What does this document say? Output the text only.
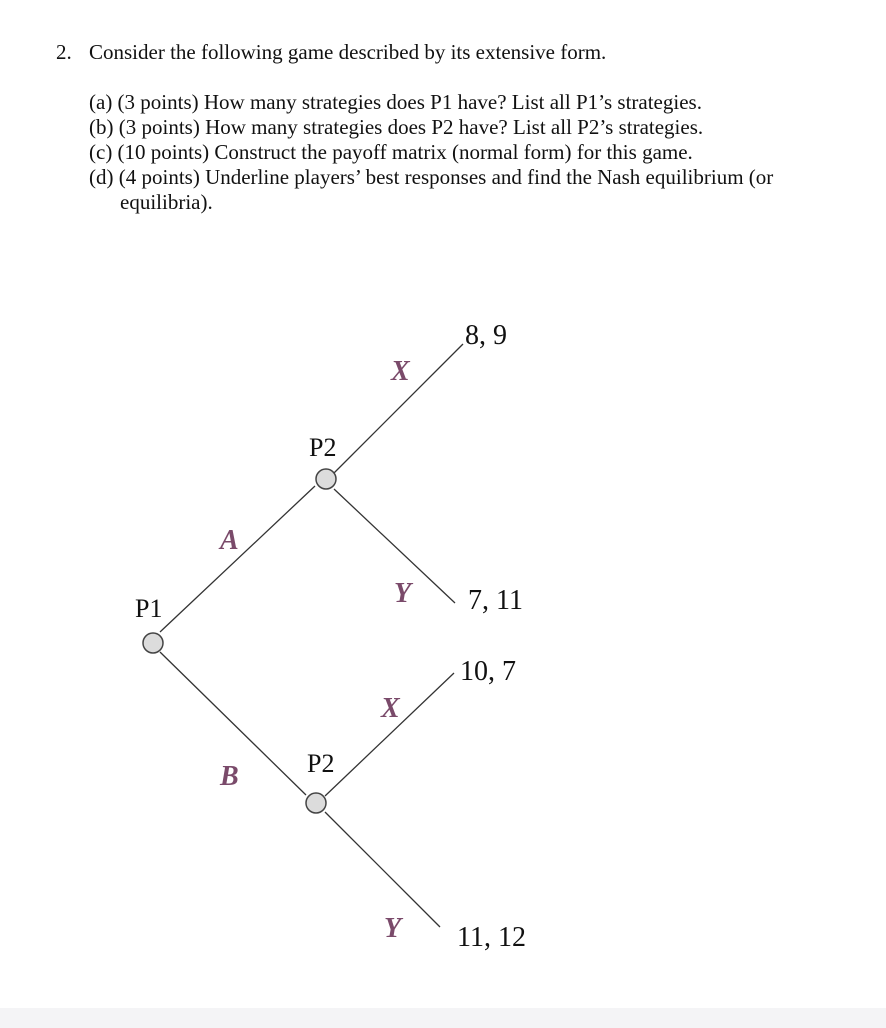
2. Consider the following game described by its extensive form.
(a) (3 points) How many strategies does P1 have? List all P1’s strategies.
(b) (3 points) How many strategies does P2 have? List all P2’s strategies.
(c) (10 points) Construct the payoff matrix (normal form) for this game.
(d) (4 points) Underline players’ best responses and find the Nash equilibrium (or equilibria).
P1
P2
P2
A
B
X
Y
X
Y
8, 9
7, 11
10, 7
11, 12
